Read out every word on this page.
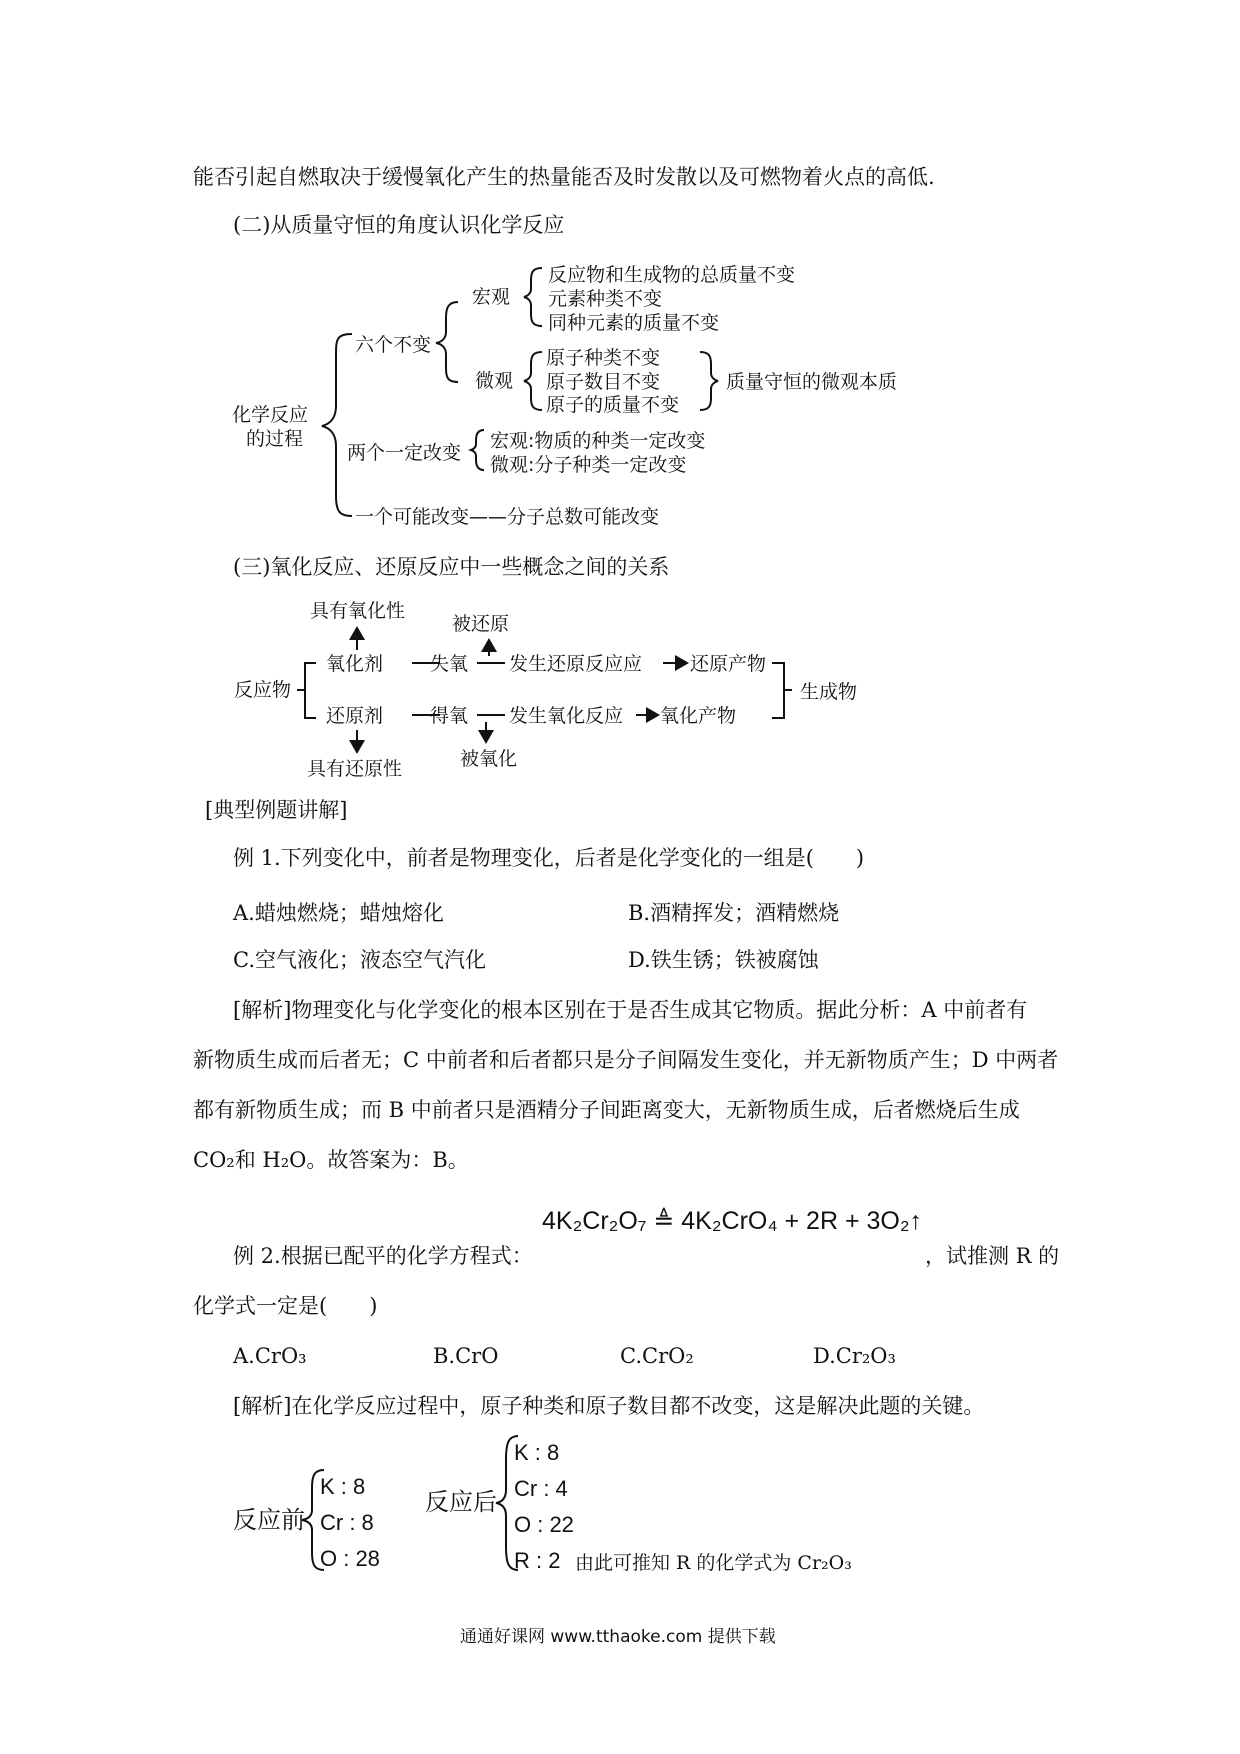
能否引起自燃取决于缓慢氧化产生的热量能否及时发散以及可燃物着火点的高低.
(二)从质量守恒的角度认识化学反应
化学反应
的过程
六个不变
宏观
反应物和生成物的总质量不变
元素种类不变
同种元素的质量不变
微观
原子种类不变
原子数目不变
原子的质量不变
质量守恒的微观本质
两个一定改变
宏观:物质的种类一定改变
微观:分子种类一定改变
一个可能改变——分子总数可能改变
(三)氧化反应、还原反应中一些概念之间的关系
具有氧化性
被还原
反应物
氧化剂 失氧 发生还原反应应	还原产物
生成物
还原剂 得氧 发生氧化反应 氧化产物
具有还原性	被氧化
[典型例题讲解]
例 1.下列变化中，前者是物理变化，后者是化学变化的一组是(　　)
A.蜡烛燃烧；蜡烛熔化	B.酒精挥发；酒精燃烧
C.空气液化；液态空气汽化	D.铁生锈；铁被腐蚀
[解析]物理变化与化学变化的根本区别在于是否生成其它物质。据此分析：A 中前者有
新物质生成而后者无；C 中前者和后者都只是分子间隔发生变化，并无新物质产生；D 中两者
都有新物质生成；而 B 中前者只是酒精分子间距离变大，无新物质生成，后者燃烧后生成
CO₂和 H₂O。故答案为：B。
4K₂Cr₂O₇ ≜ 4K₂CrO₄ + 2R + 3O₂↑
例 2.根据已配平的化学方程式：	，试推测 R 的
化学式一定是(　　)
A.CrO₃	B.CrO	C.CrO₂	D.Cr₂O₃
[解析]在化学反应过程中，原子种类和原子数目都不改变，这是解决此题的关键。
反应前
K : 8
Cr : 8
O : 28
反应后
K : 8
Cr : 4
O : 22
R : 2 由此可推知 R 的化学式为 Cr₂O₃
通通好课网 www.tthaoke.com 提供下载
